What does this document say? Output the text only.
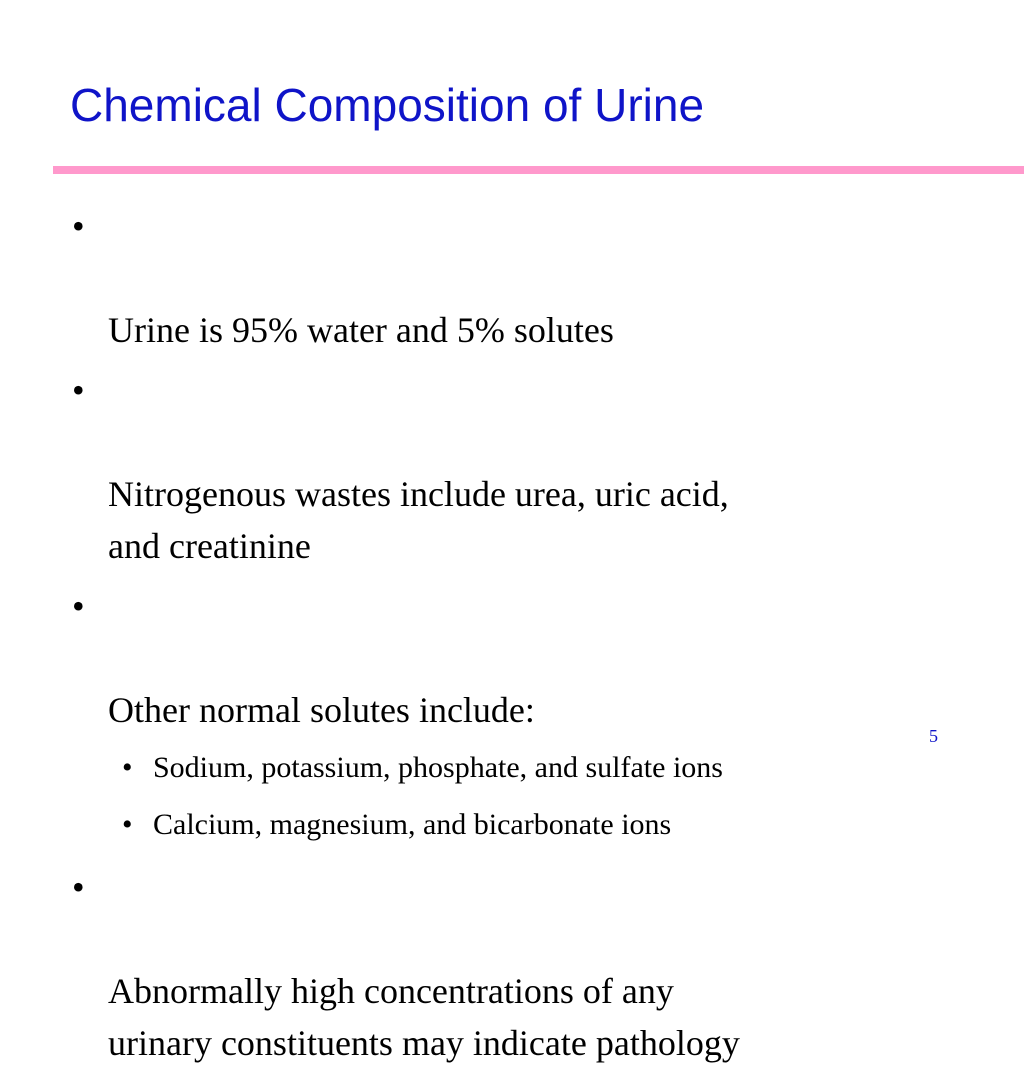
Chemical Composition of Urine

•

Urine is 95% water and 5% solutes

•

Nitrogenous wastes include urea, uric acid,
and creatinine

•

Other normal solutes include:

• Sodium, potassium, phosphate, and sulfate ions
• Calcium, magnesium, and bicarbonate ions

•

Abnormally high concentrations of any
urinary constituents may indicate pathology

5
